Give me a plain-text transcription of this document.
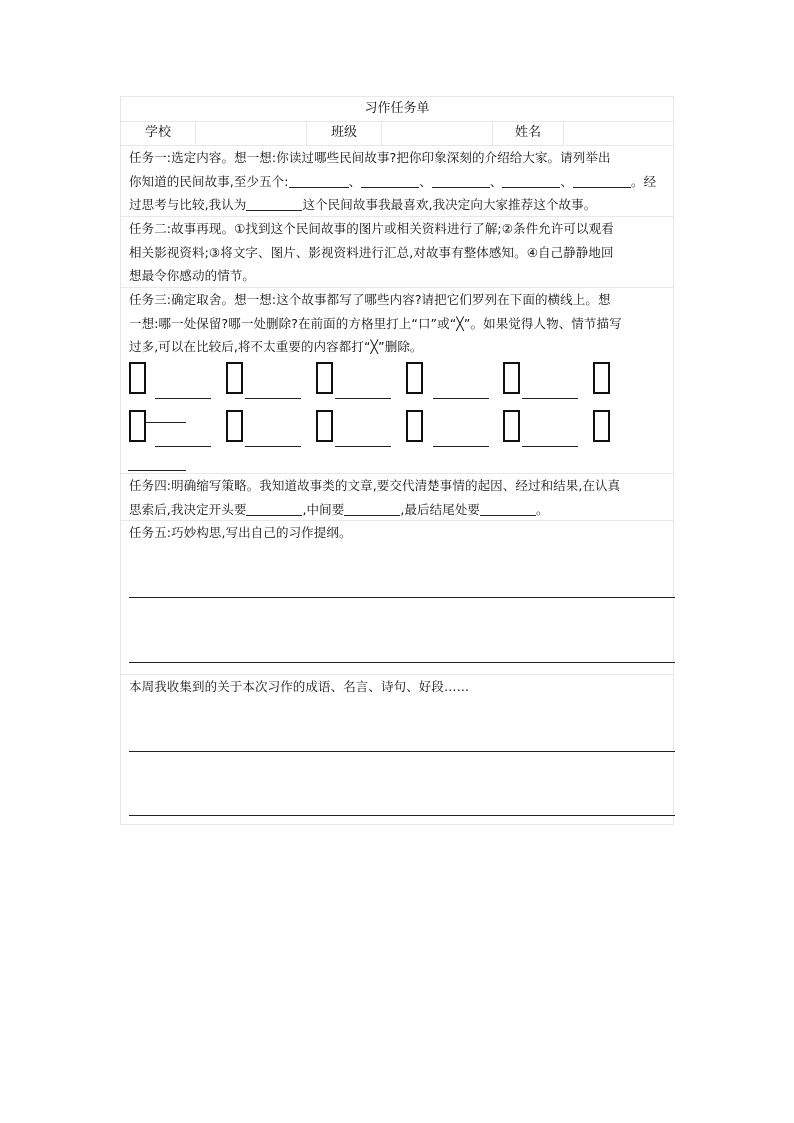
习作任务单
学校	班级	姓名
任务一:选定内容。想一想:你读过哪些民间故事?把你印象深刻的介绍给大家。请列举出
你知道的民间故事,至少五个:	、	、	、	、	。经
过思考与比较,我认为	这个民间故事我最喜欢,我决定向大家推荐这个故事。
任务二:故事再现。①找到这个民间故事的图片或相关资料进行了解;②条件允许可以观看
相关影视资料;③将文字、图片、影视资料进行汇总,对故事有整体感知。④自己静静地回
想最令你感动的情节。
任务三:确定取舍。想一想:这个故事都写了哪些内容?请把它们罗列在下面的横线上。想
一想:哪一处保留?哪一处删除?在前面的方格里打上“口”或“╳”。如果觉得人物、情节描写
过多,可以在比较后,将不太重要的内容都打“╳”删除。
任务四:明确缩写策略。我知道故事类的文章,要交代清楚事情的起因、经过和结果,在认真
思索后,我决定开头要	,中间要	,最后结尾处要	。
任务五:巧妙构思,写出自己的习作提纲。
本周我收集到的关于本次习作的成语、名言、诗句、好段……
